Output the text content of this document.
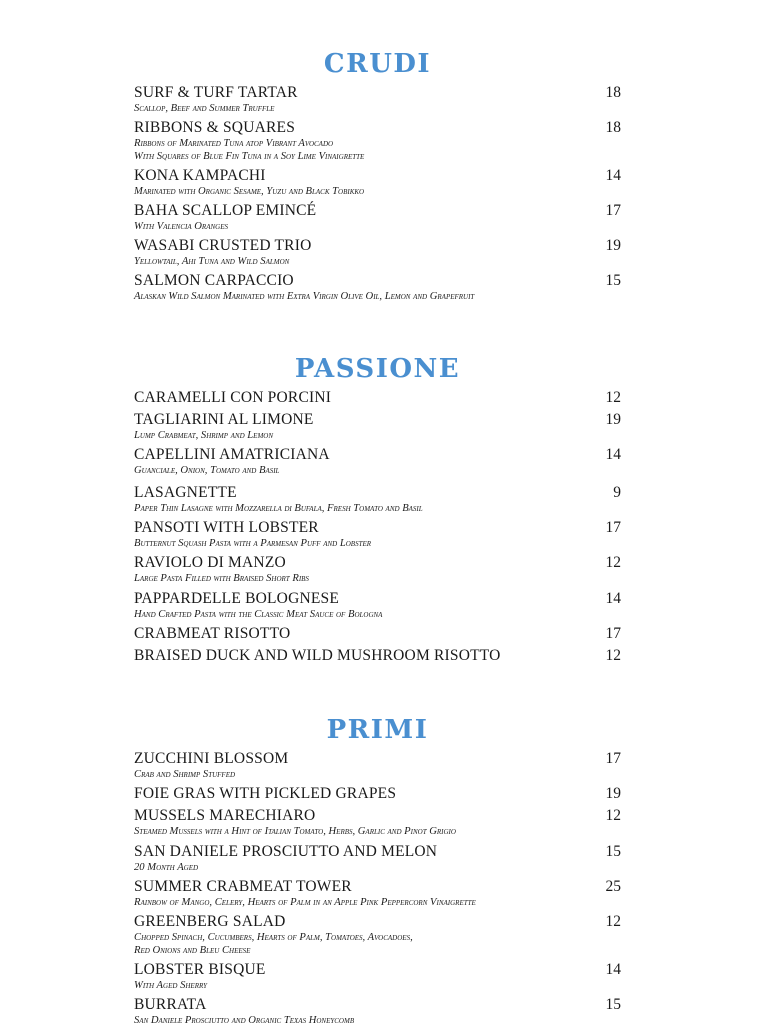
CRUDI
SURF & TURF TARTAR	18
Scallop, Beef and Summer Truffle
RIBBONS & SQUARES	18
Ribbons of Marinated Tuna atop Vibrant Avocado
With Squares of Blue Fin Tuna in a Soy Lime Vinaigrette
KONA KAMPACHI	14
Marinated with Organic Sesame, Yuzu and Black Tobikko
BAHA SCALLOP EMINCÉ	17
With Valencia Oranges
WASABI CRUSTED TRIO	19
Yellowtail, Ahi Tuna and Wild Salmon
SALMON CARPACCIO	15
Alaskan Wild Salmon Marinated with Extra Virgin Olive Oil, Lemon and Grapefruit
PASSIONE
CARAMELLI CON PORCINI	12
TAGLIARINI AL LIMONE	19
Lump Crabmeat, Shrimp and Lemon
CAPELLINI AMATRICIANA	14
Guanciale, Onion, Tomato and Basil
LASAGNETTE	9
Paper Thin Lasagne with Mozzarella di Bufala, Fresh Tomato and Basil
PANSOTI WITH LOBSTER	17
Butternut Squash Pasta with a Parmesan Puff and Lobster
RAVIOLO DI MANZO	12
Large Pasta Filled with Braised Short Ribs
PAPPARDELLE BOLOGNESE	14
Hand Crafted Pasta with the Classic Meat Sauce of Bologna
CRABMEAT RISOTTO	17
BRAISED DUCK AND WILD MUSHROOM RISOTTO	12
PRIMI
ZUCCHINI BLOSSOM	17
Crab and Shrimp Stuffed
FOIE GRAS WITH PICKLED GRAPES	19
MUSSELS MARECHIARO	12
Steamed Mussels with a Hint of Italian Tomato, Herbs, Garlic and Pinot Grigio
SAN DANIELE PROSCIUTTO AND MELON	15
20 Month Aged
SUMMER CRABMEAT TOWER	25
Rainbow of Mango, Celery, Hearts of Palm in an Apple Pink Peppercorn Vinaigrette
GREENBERG SALAD	12
Chopped Spinach, Cucumbers, Hearts of Palm, Tomatoes, Avocadoes,
Red Onions and Bleu Cheese
LOBSTER BISQUE	14
With Aged Sherry
BURRATA	15
San Daniele Prosciutto and Organic Texas Honeycomb
